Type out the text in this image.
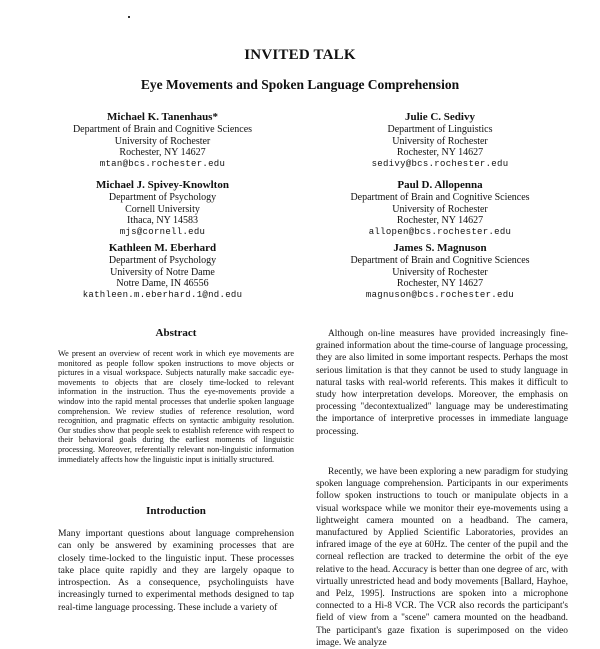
INVITED TALK
Eye Movements and Spoken Language Comprehension
Michael K. Tanenhaus*
Department of Brain and Cognitive Sciences
University of Rochester
Rochester, NY 14627
mtan@bcs.rochester.edu
Julie C. Sedivy
Department of Linguistics
University of Rochester
Rochester, NY 14627
sedivy@bcs.rochester.edu
Michael J. Spivey-Knowlton
Department of Psychology
Cornell University
Ithaca, NY 14583
mjs@cornell.edu
Paul D. Allopenna
Department of Brain and Cognitive Sciences
University of Rochester
Rochester, NY 14627
allopen@bcs.rochester.edu
Kathleen M. Eberhard
Department of Psychology
University of Notre Dame
Notre Dame, IN 46556
kathleen.m.eberhard.1@nd.edu
James S. Magnuson
Department of Brain and Cognitive Sciences
University of Rochester
Rochester, NY 14627
magnuson@bcs.rochester.edu
Abstract
We present an overview of recent work in which eye movements are monitored as people follow spoken instructions to move objects or pictures in a visual workspace. Subjects naturally make saccadic eye-movements to objects that are closely time-locked to relevant information in the instruction. Thus the eye-movements provide a window into the rapid mental processes that underlie spoken language comprehension. We review studies of reference resolution, word recognition, and pragmatic effects on syntactic ambiguity resolution. Our studies show that people seek to establish reference with respect to their behavioral goals during the earliest moments of linguistic processing. Moreover, referentially relevant non-linguistic information immediately affects how the linguistic input is initially structured.
Introduction
Many important questions about language comprehension can only be answered by examining processes that are closely time-locked to the linguistic input. These processes take place quite rapidly and they are largely opaque to introspection. As a consequence, psycholinguists have increasingly turned to experimental methods designed to tap real-time language processing. These include a variety of
Although on-line measures have provided increasingly fine-grained information about the time-course of language processing, they are also limited in some important respects. Perhaps the most serious limitation is that they cannot be used to study language in natural tasks with real-world referents. This makes it difficult to study how interpretation develops. Moreover, the emphasis on processing "decontextualized" language may be underestimating the importance of interpretive processes in immediate language processing.
Recently, we have been exploring a new paradigm for studying spoken language comprehension. Participants in our experiments follow spoken instructions to touch or manipulate objects in a visual workspace while we monitor their eye-movements using a lightweight camera mounted on a headband. The camera, manufactured by Applied Scientific Laboratories, provides an infrared image of the eye at 60Hz. The center of the pupil and the corneal reflection are tracked to determine the orbit of the eye relative to the head. Accuracy is better than one degree of arc, with virtually unrestricted head and body movements [Ballard, Hayhoe, and Pelz, 1995]. Instructions are spoken into a microphone connected to a Hi-8 VCR. The VCR also records the participant's field of view from a "scene" camera mounted on the headband. The participant's gaze fixation is superimposed on the video image. We analyze
